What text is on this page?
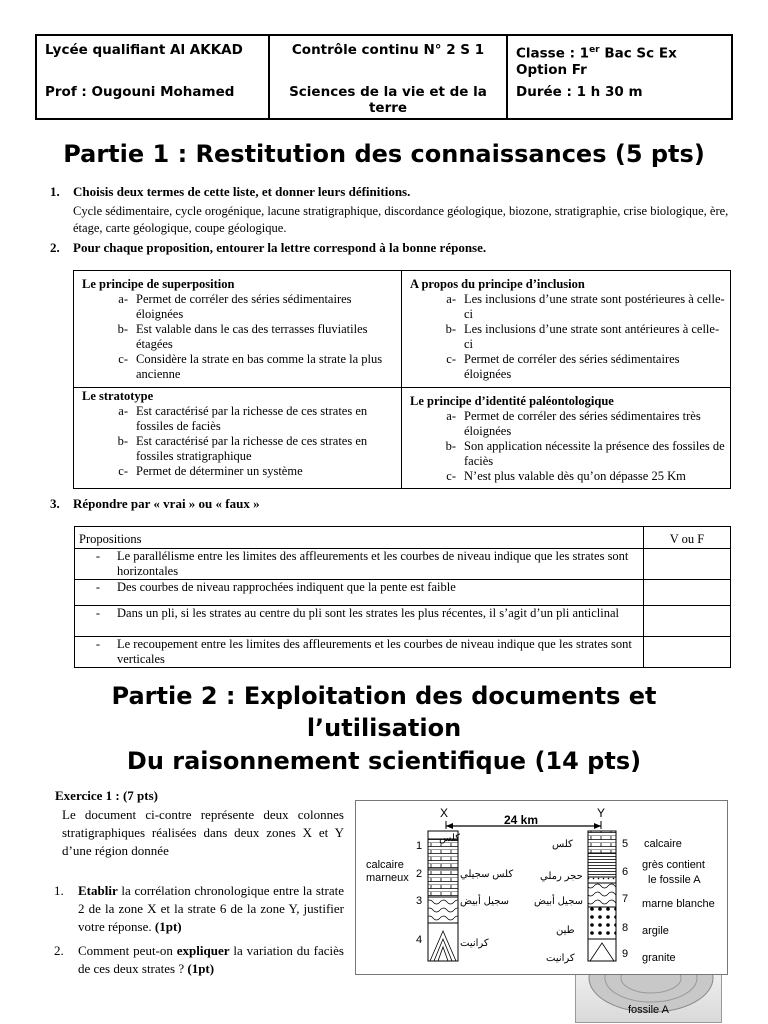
Lycée qualifiant Al AKKAD
Prof : Ougouni Mohamed
Contrôle continu N° 2 S 1
Sciences de la vie et de la terre
Classe : 1er Bac Sc Ex
Option Fr
Durée : 1 h 30 m
Partie 1 : Restitution des connaissances (5 pts)
1. Choisis deux termes de cette liste, et donner leurs définitions.
Cycle sédimentaire, cycle orogénique, lacune stratigraphique, discordance géologique, biozone, stratigraphie, crise biologique, ère, étage, carte géologique, coupe géologique.
2. Pour chaque proposition, entourer la lettre correspond à la bonne réponse.
Le principe de superposition
a- Permet de corréler des séries sédimentaires éloignées
b- Est valable dans le cas des terrasses fluviatiles étagées
c- Considère la strate en bas comme la strate la plus ancienne
A propos du principe d’inclusion
a- Les inclusions d’une strate sont postérieures à celle-ci
b- Les inclusions d’une strate sont antérieures à celle-ci
c- Permet de corréler des séries sédimentaires éloignées
Le stratotype
a- Est caractérisé par la richesse de ces strates en fossiles de faciès
b- Est caractérisé par la richesse de ces strates en fossiles stratigraphique
c- Permet de déterminer un système
Le principe d’identité paléontologique
a- Permet de corréler des séries sédimentaires très éloignées
b- Son application nécessite la présence des fossiles de faciès
c- N’est plus valable dès qu’on dépasse 25 Km
3. Répondre par « vrai » ou « faux »
Propositions	V ou F

- Le parallélisme entre les limites des affleurements et les courbes de niveau indique que les strates sont horizontales	

- Des courbes de niveau rapprochées indiquent que la pente est faible	

- Dans un pli, si les strates au centre du pli sont les strates les plus récentes, il s’agit d’un pli anticlinal	

- Le recoupement entre les limites des affleurements et les courbes de niveau indique que les strates sont verticales	

Partie 2 : Exploitation des documents et
l’utilisation
Du raisonnement scientifique (14 pts)
Exercice 1 : (7 pts)
Le document ci-contre représente deux colonnes stratigraphiques réalisées dans deux zones X et Y d’une région donnée
1. Etablir la corrélation chronologique entre la strate 2 de la zone X et la strate 6 de la zone Y, justifier votre réponse. (1pt)
2. Comment peut-on expliquer la variation du faciès de ces deux strates ? (1pt)
fossile A
X	Y
24 km
1
2
3
4
calcaire
marneux
كلس
كلس سجيلي
سجيل أبيض
كرانيت
5
6
7
8
9
كلس
حجر رملي
سجيل أبيض
طين
كرانيت
calcaire
grès contient
le fossile A
marne blanche
argile
granite
